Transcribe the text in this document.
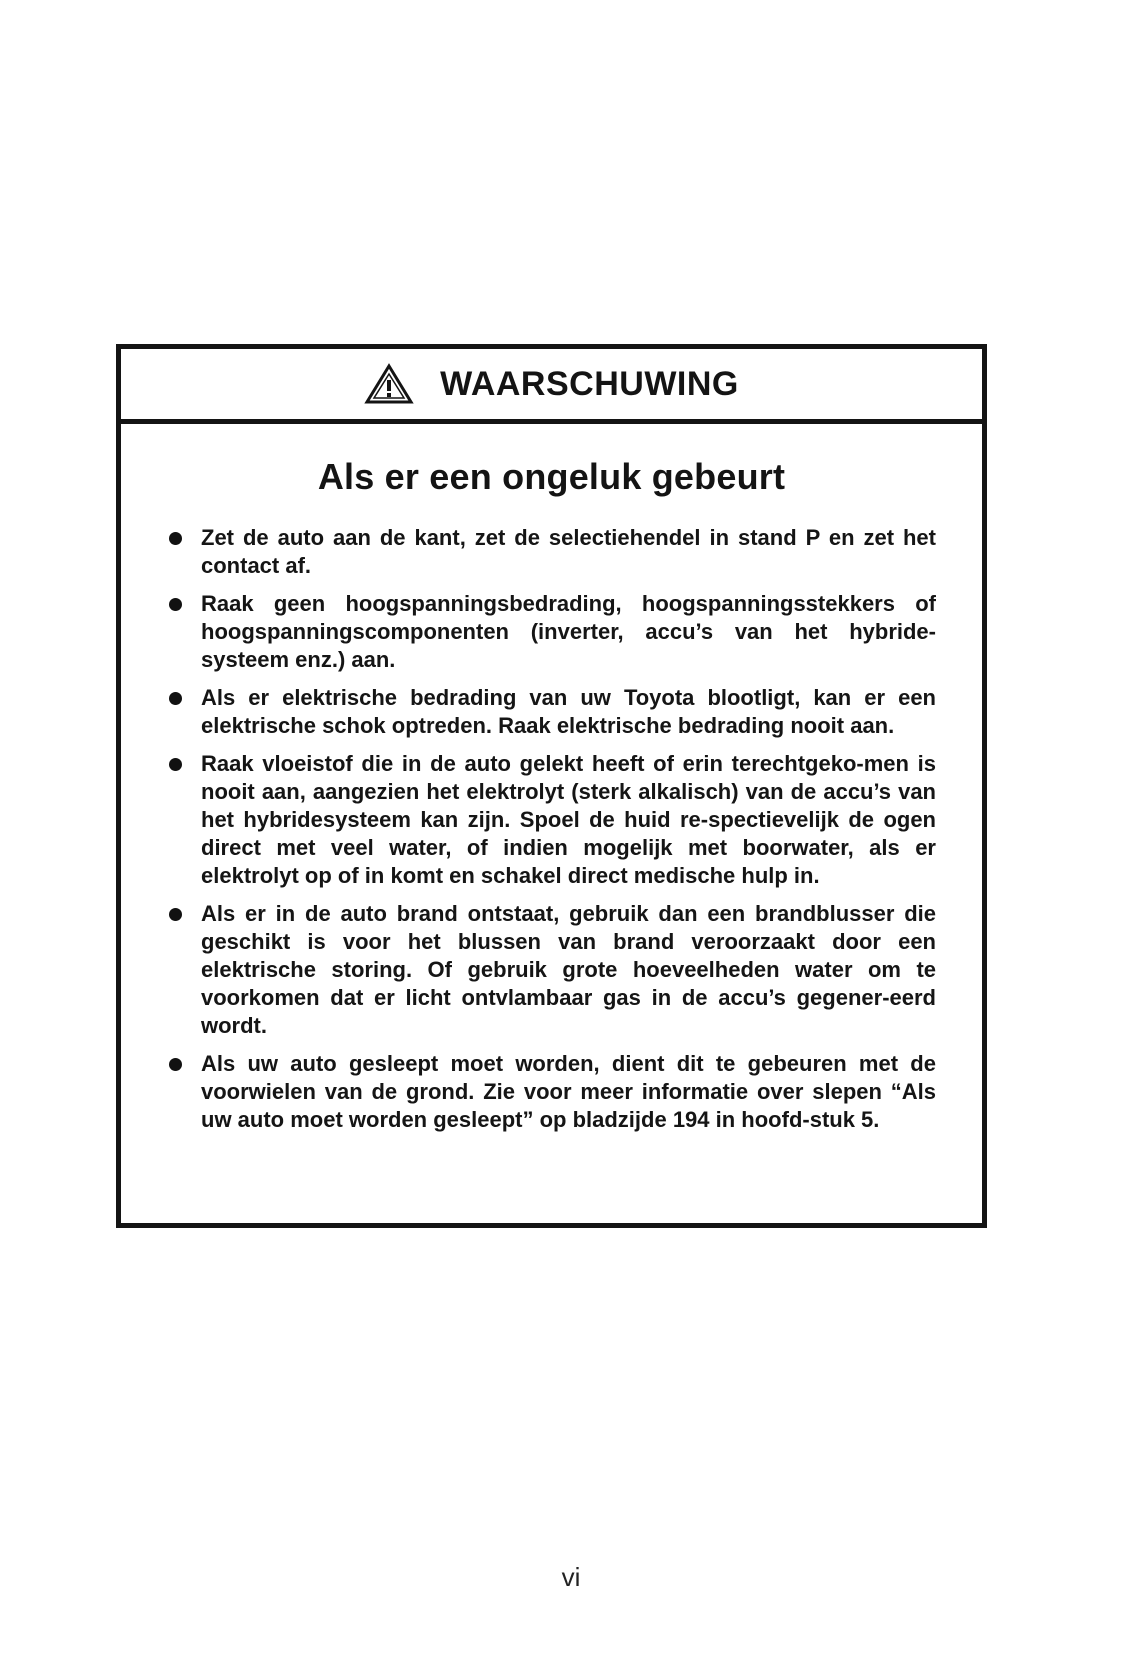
WAARSCHUWING
Als er een ongeluk gebeurt
Zet de auto aan de kant, zet de selectiehendel in stand P en zet het contact af.
Raak geen hoogspanningsbedrading, hoogspanningsstekkers of hoogspanningscomponenten (inverter, accu’s van het hybride-systeem enz.) aan.
Als er elektrische bedrading van uw Toyota blootligt, kan er een elektrische schok optreden. Raak elektrische bedrading nooit aan.
Raak vloeistof die in de auto gelekt heeft of erin terechtgeko-men is nooit aan, aangezien het elektrolyt (sterk alkalisch) van de accu’s van het hybridesysteem kan zijn. Spoel de huid re-spectievelijk de ogen direct met veel water, of indien mogelijk met boorwater, als er elektrolyt op of in komt en schakel direct medische hulp in.
Als er in de auto brand ontstaat, gebruik dan een brandblusser die geschikt is voor het blussen van brand veroorzaakt door een elektrische storing. Of gebruik grote hoeveelheden water om te voorkomen dat er licht ontvlambaar gas in de accu’s gegener-eerd wordt.
Als uw auto gesleept moet worden, dient dit te gebeuren met de voorwielen van de grond. Zie voor meer informatie over slepen “Als uw auto moet worden gesleept” op bladzijde 194 in hoofd-stuk 5.
vi
